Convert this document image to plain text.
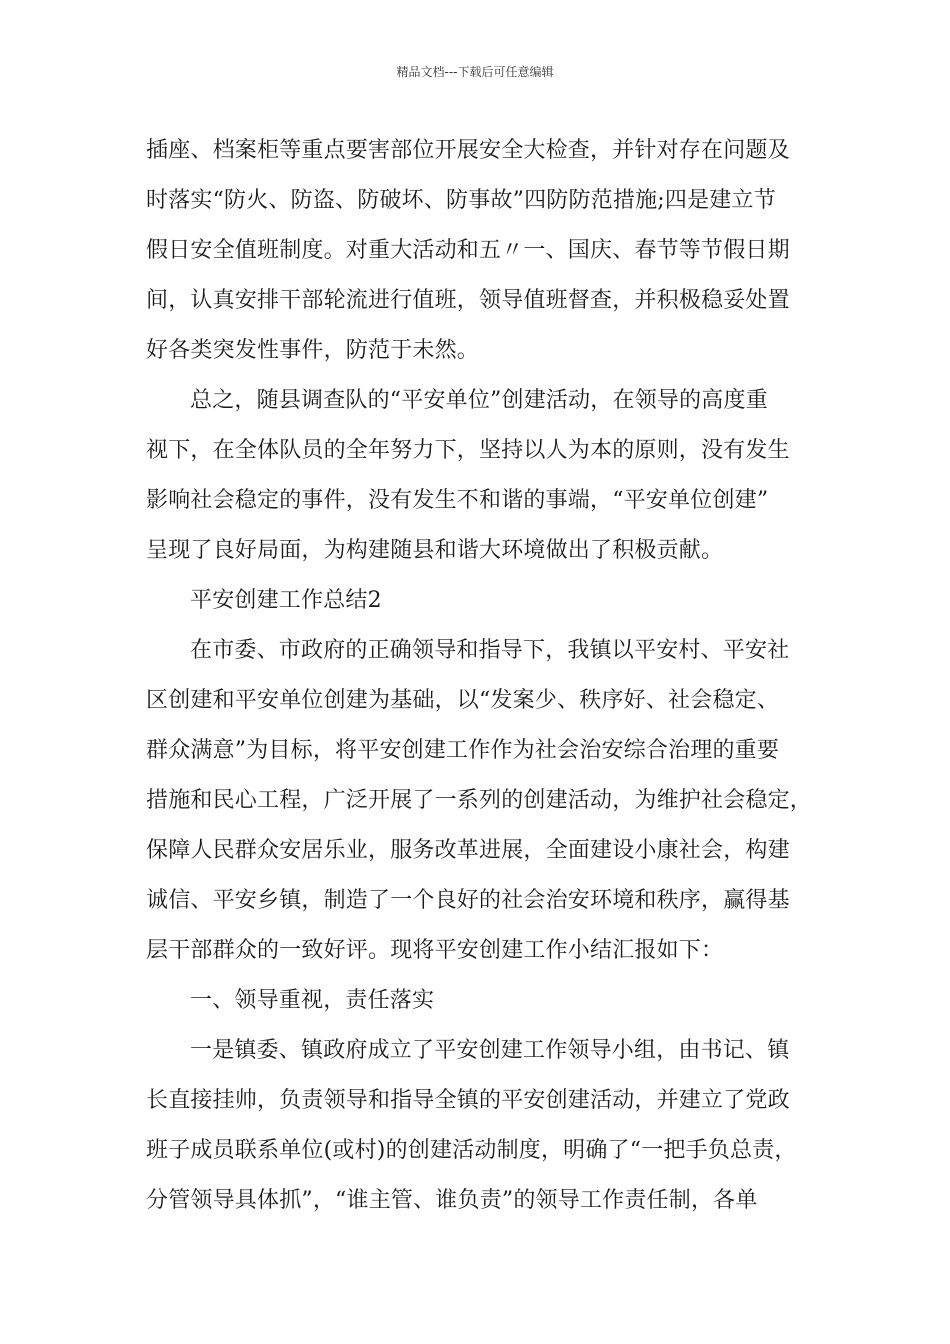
精品文档---下载后可任意编辑
插座、档案柜等重点要害部位开展安全大检查，并针对存在问题及
时落实“防火、防盗、防破坏、防事故”四防防范措施;四是建立节
假日安全值班制度。对重大活动和五〃一、国庆、春节等节假日期
间，认真安排干部轮流进行值班，领导值班督查，并积极稳妥处置
好各类突发性事件，防范于未然。
总之，随县调查队的“平安单位”创建活动，在领导的高度重
视下，在全体队员的全年努力下，坚持以人为本的原则，没有发生
影响社会稳定的事件，没有发生不和谐的事端，“平安单位创建”
呈现了良好局面，为构建随县和谐大环境做出了积极贡献。
平安创建工作总结2
在市委、市政府的正确领导和指导下，我镇以平安村、平安社
区创建和平安单位创建为基础，以“发案少、秩序好、社会稳定、
群众满意”为目标，将平安创建工作作为社会治安综合治理的重要
措施和民心工程，广泛开展了一系列的创建活动，为维护社会稳定，
保障人民群众安居乐业，服务改革进展，全面建设小康社会，构建
诚信、平安乡镇，制造了一个良好的社会治安环境和秩序，赢得基
层干部群众的一致好评。现将平安创建工作小结汇报如下：
一、领导重视，责任落实
一是镇委、镇政府成立了平安创建工作领导小组，由书记、镇
长直接挂帅，负责领导和指导全镇的平安创建活动，并建立了党政
班子成员联系单位(或村)的创建活动制度，明确了“一把手负总责，
分管领导具体抓”，“谁主管、谁负责”的领导工作责任制，各单
